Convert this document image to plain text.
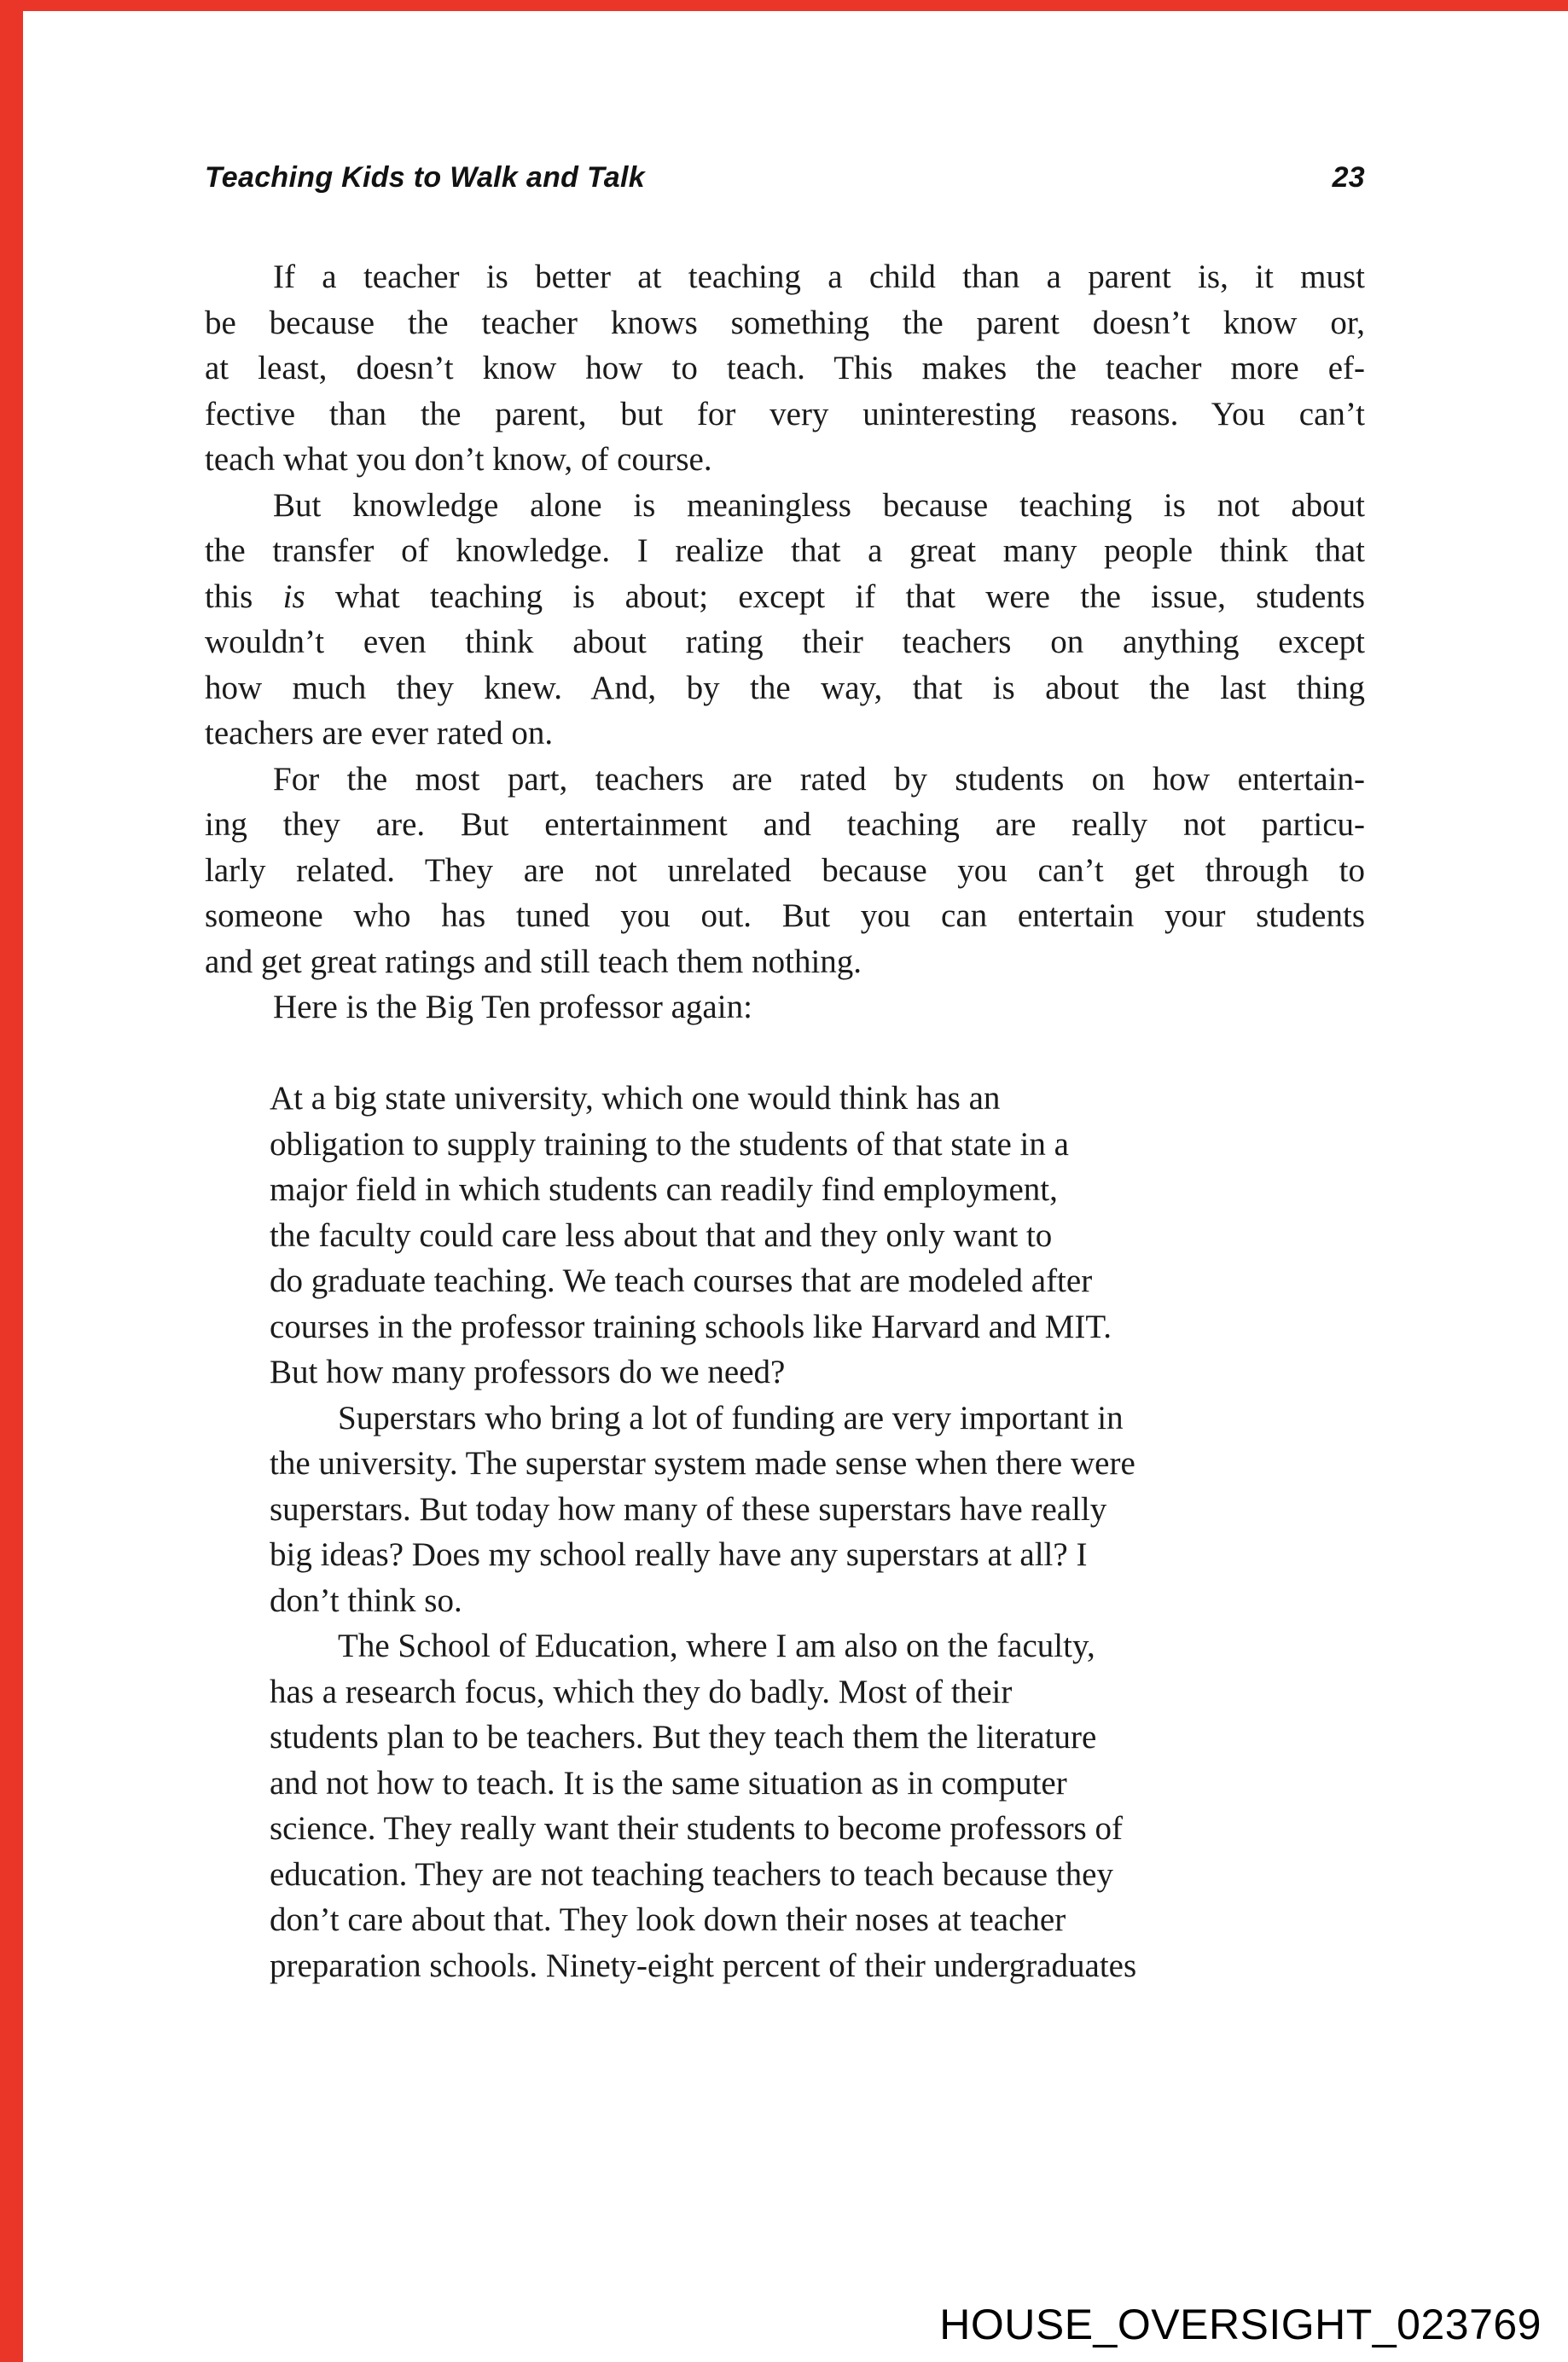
Teaching Kids to Walk and Talk	23
If a teacher is better at teaching a child than a parent is, it must
be because the teacher knows something the parent doesn’t know or,
at least, doesn’t know how to teach. This makes the teacher more ef-
fective than the parent, but for very uninteresting reasons. You can’t
teach what you don’t know, of course.
But knowledge alone is meaningless because teaching is not about
the transfer of knowledge. I realize that a great many people think that
this is what teaching is about; except if that were the issue, students
wouldn’t even think about rating their teachers on anything except
how much they knew. And, by the way, that is about the last thing
teachers are ever rated on.
For the most part, teachers are rated by students on how entertain-
ing they are. But entertainment and teaching are really not particu-
larly related. They are not unrelated because you can’t get through to
someone who has tuned you out. But you can entertain your students
and get great ratings and still teach them nothing.
Here is the Big Ten professor again:
At a big state university, which one would think has an
obligation to supply training to the students of that state in a
major field in which students can readily find employment,
the faculty could care less about that and they only want to
do graduate teaching. We teach courses that are modeled after
courses in the professor training schools like Harvard and MIT.
But how many professors do we need?
Superstars who bring a lot of funding are very important in
the university. The superstar system made sense when there were
superstars. But today how many of these superstars have really
big ideas? Does my school really have any superstars at all? I
don’t think so.
The School of Education, where I am also on the faculty,
has a research focus, which they do badly. Most of their
students plan to be teachers. But they teach them the literature
and not how to teach. It is the same situation as in computer
science. They really want their students to become professors of
education. They are not teaching teachers to teach because they
don’t care about that. They look down their noses at teacher
preparation schools. Ninety-eight percent of their undergraduates
HOUSE_OVERSIGHT_023769
